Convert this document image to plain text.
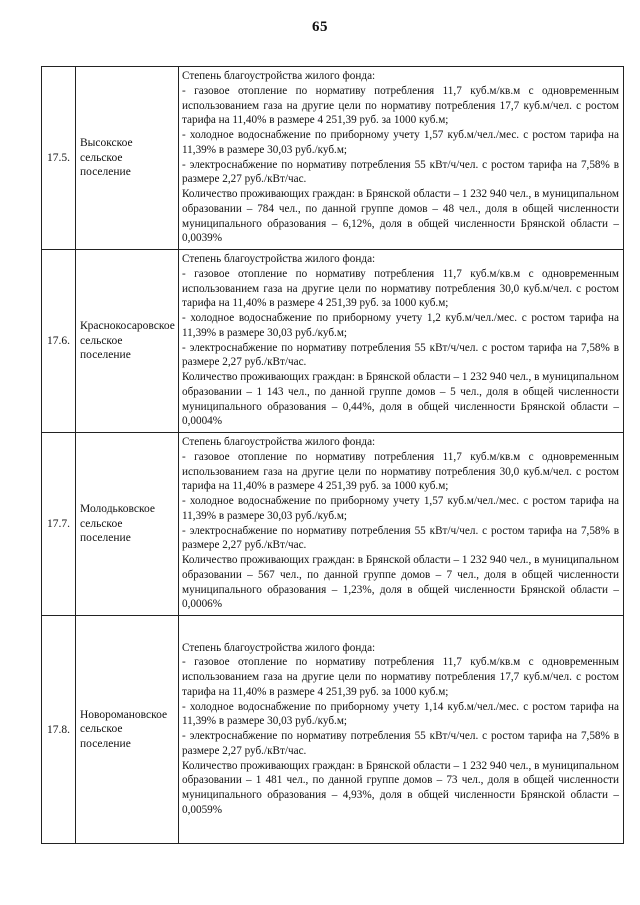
65
17.5.	Высокское сельское поселение	Степень благоустройства жилого фонда:
- газовое отопление по нормативу потребления 11,7 куб.м/кв.м с одновременным использованием газа на другие цели по нормативу потребления 17,7 куб.м/чел. с ростом тарифа на 11,40% в размере 4 251,39 руб. за 1000 куб.м;
- холодное водоснабжение по приборному учету 1,57 куб.м/чел./мес. с ростом тарифа на 11,39% в размере 30,03 руб./куб.м;
- электроснабжение по нормативу потребления 55 кВт/ч/чел. с ростом тарифа на 7,58% в размере 2,27 руб./кВт/час.
Количество проживающих граждан: в Брянской области – 1 232 940 чел., в муниципальном образовании – 784 чел., по данной группе домов – 48 чел., доля в общей численности муниципального образования – 6,12%, доля в общей численности Брянской области – 0,0039%

17.6.	Краснокосаровское сельское поселение	Степень благоустройства жилого фонда:
- газовое отопление по нормативу потребления 11,7 куб.м/кв.м с одновременным использованием газа на другие цели по нормативу потребления 30,0 куб.м/чел. с ростом тарифа на 11,40% в размере 4 251,39 руб. за 1000 куб.м;
- холодное водоснабжение по приборному учету 1,2 куб.м/чел./мес. с ростом тарифа на 11,39% в размере 30,03 руб./куб.м;
- электроснабжение по нормативу потребления 55 кВт/ч/чел. с ростом тарифа на 7,58% в размере 2,27 руб./кВт/час.
Количество проживающих граждан: в Брянской области – 1 232 940 чел., в муниципальном образовании – 1 143 чел., по данной группе домов – 5 чел., доля в общей численности муниципального образования – 0,44%, доля в общей численности Брянской области – 0,0004%

17.7.	Молодьковское сельское поселение	Степень благоустройства жилого фонда:
- газовое отопление по нормативу потребления 11,7 куб.м/кв.м с одновременным использованием газа на другие цели по нормативу потребления 30,0 куб.м/чел. с ростом тарифа на 11,40% в размере 4 251,39 руб. за 1000 куб.м;
- холодное водоснабжение по приборному учету 1,57 куб.м/чел./мес. с ростом тарифа на 11,39% в размере 30,03 руб./куб.м;
- электроснабжение по нормативу потребления 55 кВт/ч/чел. с ростом тарифа на 7,58% в размере 2,27 руб./кВт/час.
Количество проживающих граждан: в Брянской области – 1 232 940 чел., в муниципальном образовании – 567 чел., по данной группе домов – 7 чел., доля в общей численности муниципального образования – 1,23%, доля в общей численности Брянской области – 0,0006%

17.8.	Новоромановское сельское поселение	Степень благоустройства жилого фонда:
- газовое отопление по нормативу потребления 11,7 куб.м/кв.м с одновременным использованием газа на другие цели по нормативу потребления 17,7 куб.м/чел. с ростом тарифа на 11,40% в размере 4 251,39 руб. за 1000 куб.м;
- холодное водоснабжение по приборному учету 1,14 куб.м/чел./мес. с ростом тарифа на 11,39% в размере 30,03 руб./куб.м;
- электроснабжение по нормативу потребления 55 кВт/ч/чел. с ростом тарифа на 7,58% в размере 2,27 руб./кВт/час.
Количество проживающих граждан: в Брянской области – 1 232 940 чел., в муниципальном образовании – 1 481 чел., по данной группе домов – 73 чел., доля в общей численности муниципального образования – 4,93%, доля в общей численности Брянской области – 0,0059%
